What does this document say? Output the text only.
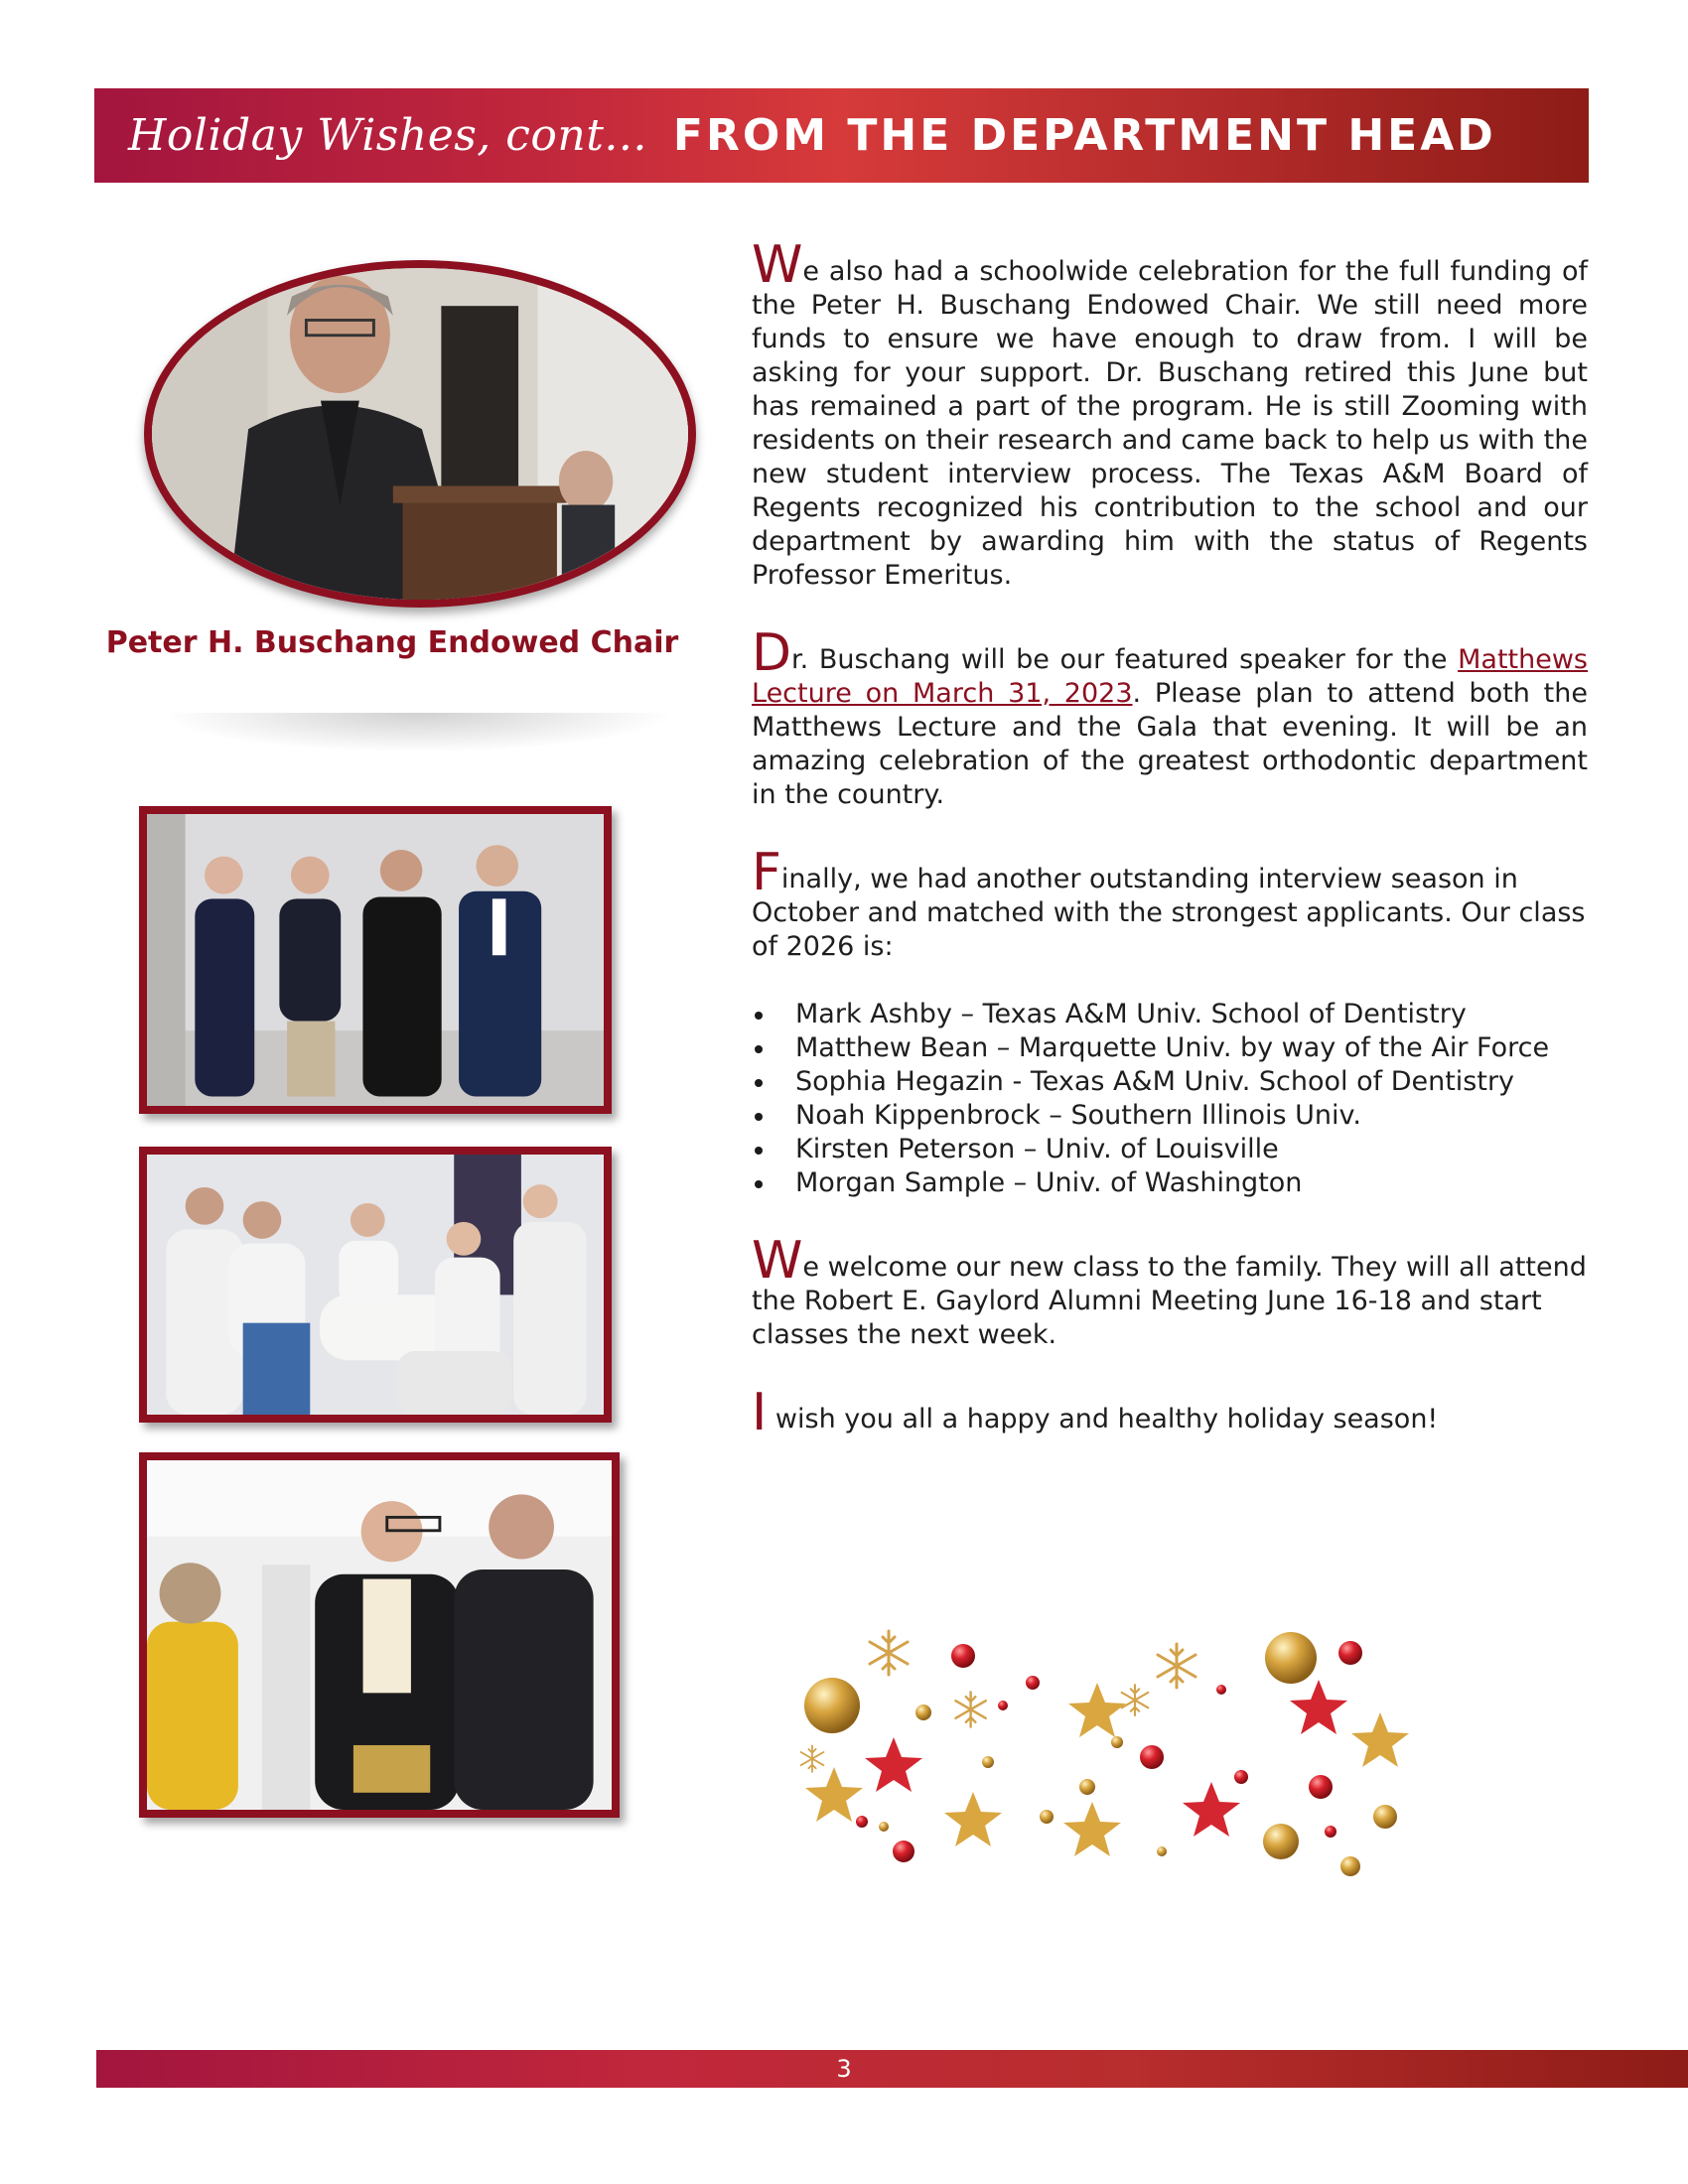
Holiday Wishes, cont... FROM THE DEPARTMENT HEAD
Peter H. Buschang Endowed Chair

We also had a schoolwide celebration for the full funding of the Peter H. Buschang Endowed Chair. We still need more funds to ensure we have enough to draw from. I will be asking for your support. Dr. Buschang retired this June but has remained a part of the program. He is still Zooming with residents on their research and came back to help us with the new student interview process. The Texas A&M Board of Regents recognized his contribution to the school and our department by awarding him with the status of Regents Professor Emeritus.

Dr. Buschang will be our featured speaker for the Matthews Lecture on March 31, 2023. Please plan to attend both the Matthews Lecture and the Gala that evening. It will be an amazing celebration of the greatest orthodontic department in the country.

Finally, we had another outstanding interview season in October and matched with the strongest applicants. Our class of 2026 is:

Mark Ashby – Texas A&M Univ. School of Dentistry
Matthew Bean – Marquette Univ. by way of the Air Force
Sophia Hegazin - Texas A&M Univ. School of Dentistry
Noah Kippenbrock – Southern Illinois Univ.
Kirsten Peterson – Univ. of Louisville
Morgan Sample – Univ. of Washington

We welcome our new class to the family. They will all attend the Robert E. Gaylord Alumni Meeting June 16-18 and start classes the next week.

I wish you all a happy and healthy holiday season!

3
